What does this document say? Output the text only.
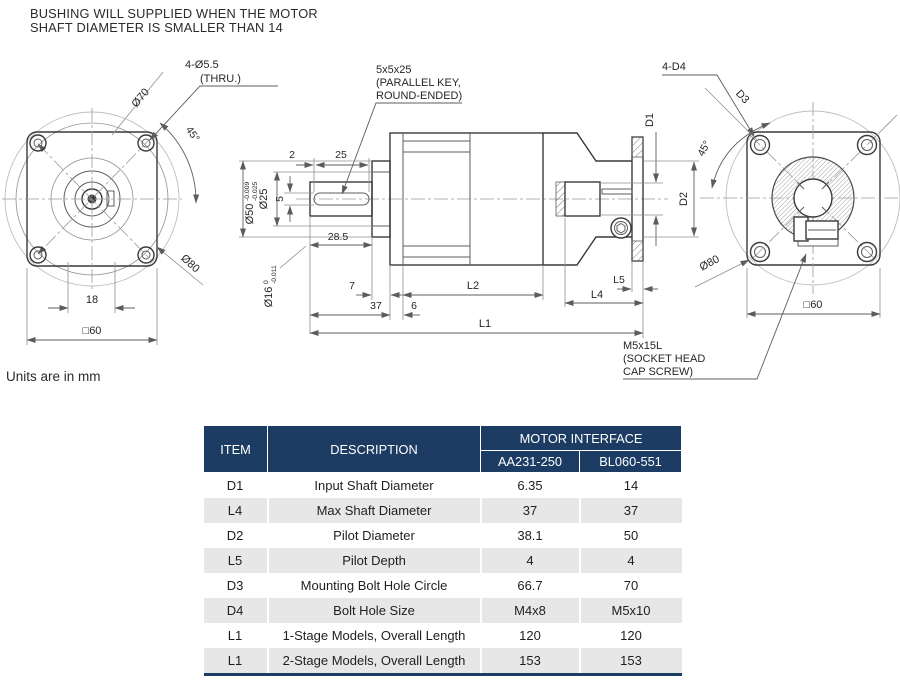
BUSHING WILL SUPPLIED WHEN THE MOTOR
SHAFT DIAMETER IS SMALLER THAN 14
4-Ø5.5
(THRU.)
Ø70
45°
Ø80
18
□60
5x5x25
(PARALLEL KEY,
ROUND-ENDED)
2	25
5
Ø25
Ø50
-0.009 -0.025
Ø16
0 -0.011
28.5
7	L2
37	6
L1
L5
L4
D1
D2
4-D4
D3
45°
Ø80
□60
M5x15L
(SOCKET HEAD
CAP SCREW)
Units are in mm
ITEM	DESCRIPTION	MOTOR INTERFACE	
		AA231-250	BL060-551
D1	Input Shaft Diameter	6.35	14
L4	Max Shaft Diameter	37	37
D2	Pilot Diameter	38.1	50
L5	Pilot Depth	4	4
D3	Mounting Bolt Hole Circle	66.7	70
D4	Bolt Hole Size	M4x8	M5x10
L1	1-Stage Models, Overall Length	120	120
L1	2-Stage Models, Overall Length	153	153
